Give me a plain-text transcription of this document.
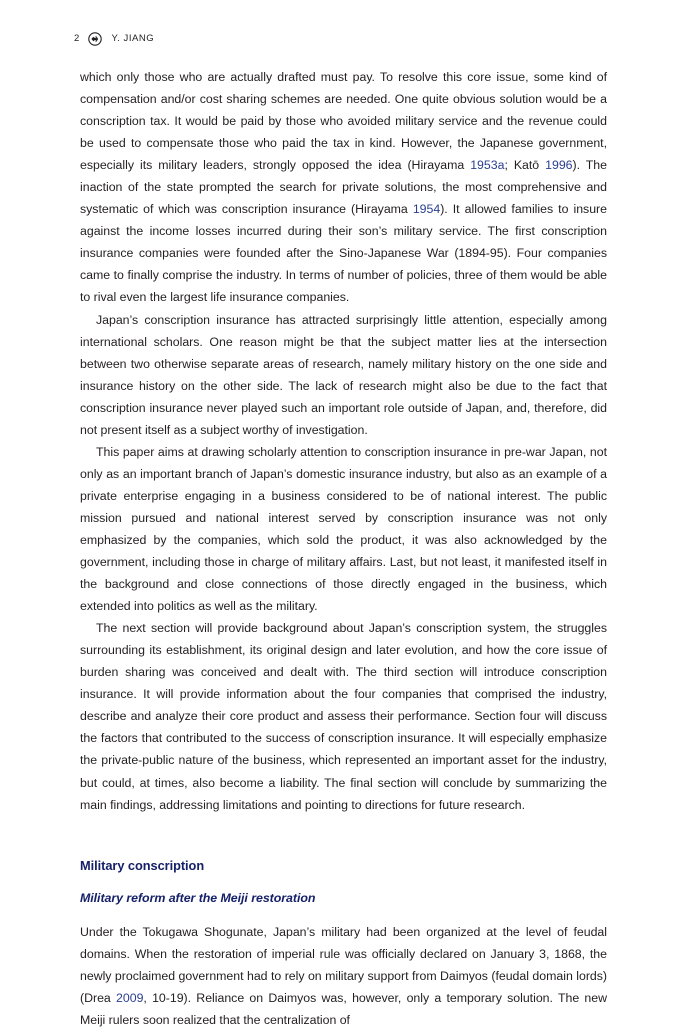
2	Y. JIANG

which only those who are actually drafted must pay. To resolve this core issue, some kind of compensation and/or cost sharing schemes are needed. One quite obvious solution would be a conscription tax. It would be paid by those who avoided military service and the revenue could be used to compensate those who paid the tax in kind. However, the Japanese government, especially its military leaders, strongly opposed the idea (Hirayama 1953a; Katō 1996). The inaction of the state prompted the search for private solutions, the most comprehensive and systematic of which was conscription insurance (Hirayama 1954). It allowed families to insure against the income losses incurred during their son’s military service. The first conscription insurance companies were founded after the Sino-Japanese War (1894-95). Four companies came to finally comprise the industry. In terms of number of policies, three of them would be able to rival even the largest life insurance companies.

Japan’s conscription insurance has attracted surprisingly little attention, especially among international scholars. One reason might be that the subject matter lies at the intersection between two otherwise separate areas of research, namely military history on the one side and insurance history on the other side. The lack of research might also be due to the fact that conscription insurance never played such an important role outside of Japan, and, therefore, did not present itself as a subject worthy of investigation.

This paper aims at drawing scholarly attention to conscription insurance in pre-war Japan, not only as an important branch of Japan’s domestic insurance industry, but also as an example of a private enterprise engaging in a business considered to be of national interest. The public mission pursued and national interest served by conscription insurance was not only emphasized by the companies, which sold the product, it was also acknowledged by the government, including those in charge of military affairs. Last, but not least, it manifested itself in the background and close connections of those directly engaged in the business, which extended into politics as well as the military.

The next section will provide background about Japan’s conscription system, the struggles surrounding its establishment, its original design and later evolution, and how the core issue of burden sharing was conceived and dealt with. The third section will introduce conscription insurance. It will provide information about the four companies that comprised the industry, describe and analyze their core product and assess their performance. Section four will discuss the factors that contributed to the success of conscription insurance. It will especially emphasize the private-public nature of the business, which represented an important asset for the industry, but could, at times, also become a liability. The final section will conclude by summarizing the main findings, addressing limitations and pointing to directions for future research.

Military conscription
Military reform after the Meiji restoration

Under the Tokugawa Shogunate, Japan’s military had been organized at the level of feudal domains. When the restoration of imperial rule was officially declared on January 3, 1868, the newly proclaimed government had to rely on military support from Daimyos (feudal domain lords) (Drea 2009, 10-19). Reliance on Daimyos was, however, only a temporary solution. The new Meiji rulers soon realized that the centralization of
